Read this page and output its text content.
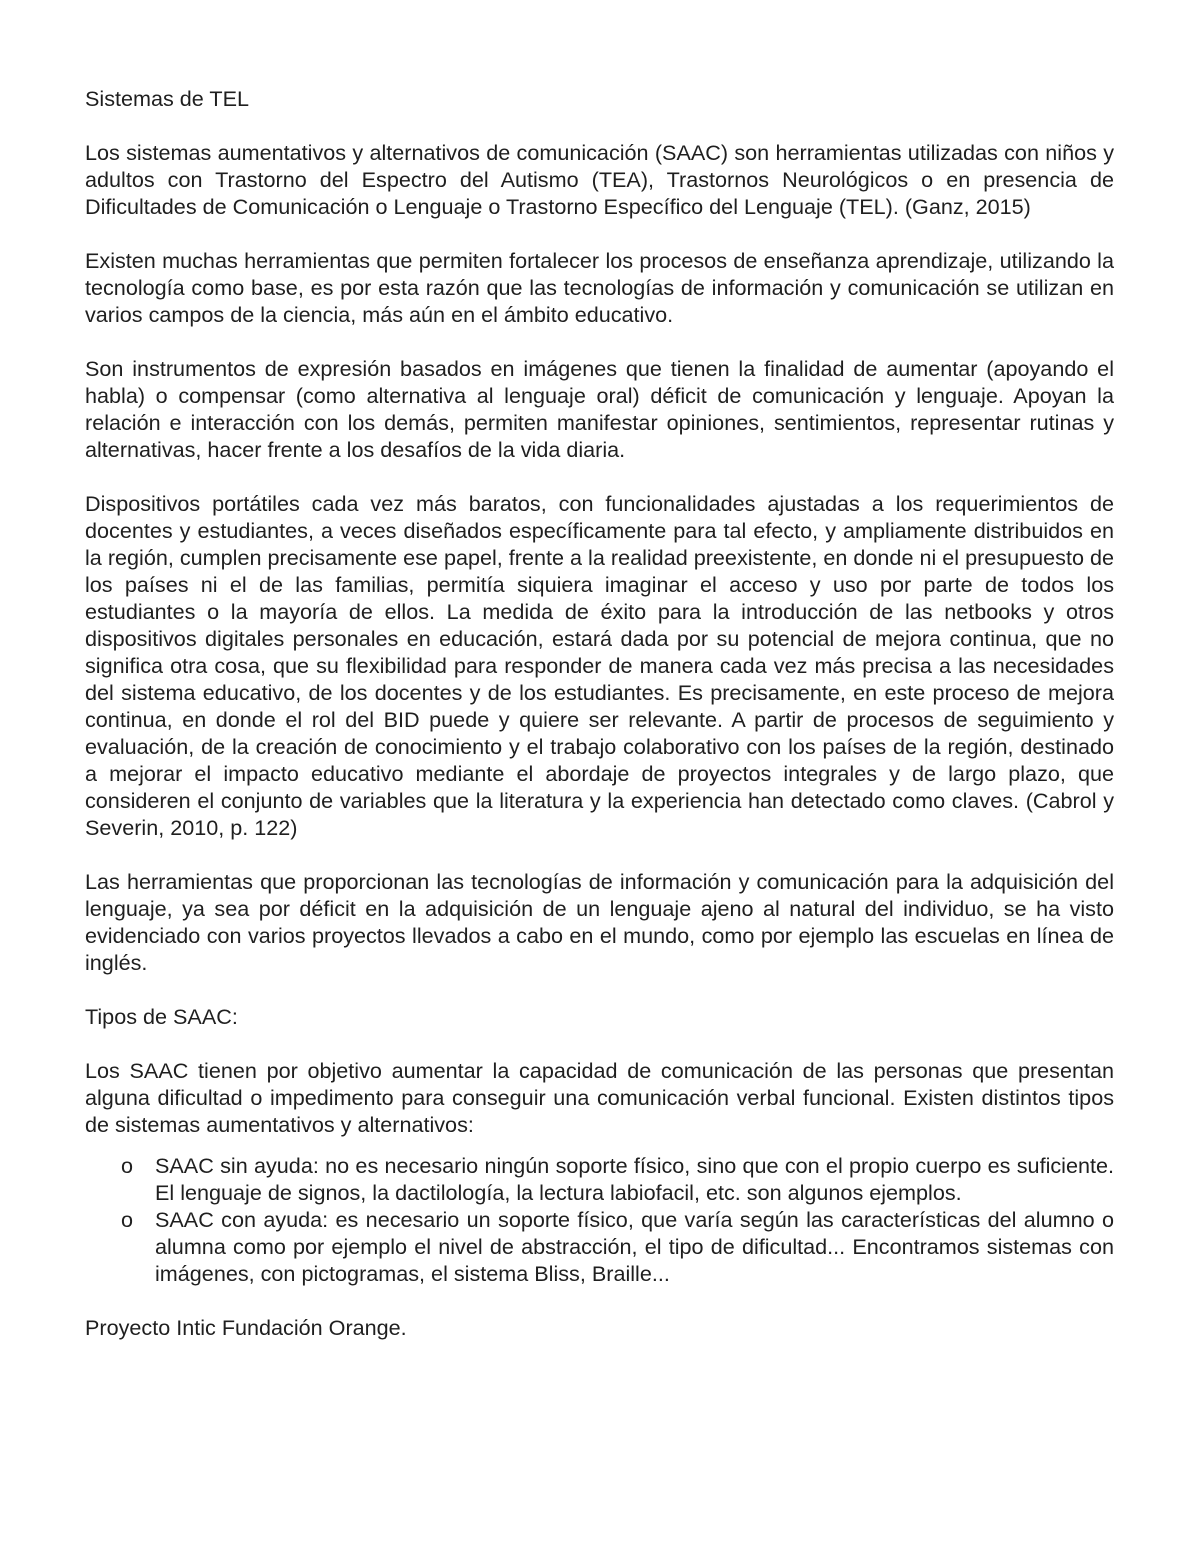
Sistemas de TEL

Los sistemas aumentativos y alternativos de comunicación (SAAC) son herramientas utilizadas con niños y adultos con Trastorno del Espectro del Autismo (TEA), Trastornos Neurológicos o en presencia de Dificultades de Comunicación o Lenguaje o Trastorno Específico del Lenguaje (TEL). (Ganz, 2015)

Existen muchas herramientas que permiten fortalecer los procesos de enseñanza aprendizaje, utilizando la tecnología como base, es por esta razón que las tecnologías de información y comunicación se utilizan en varios campos de la ciencia, más aún en el ámbito educativo.

Son instrumentos de expresión basados en imágenes que tienen la finalidad de aumentar (apoyando el habla) o compensar (como alternativa al lenguaje oral) déficit de comunicación y lenguaje. Apoyan la relación e interacción con los demás, permiten manifestar opiniones, sentimientos, representar rutinas y alternativas, hacer frente a los desafíos de la vida diaria.

Dispositivos portátiles cada vez más baratos, con funcionalidades ajustadas a los requerimientos de docentes y estudiantes, a veces diseñados específicamente para tal efecto, y ampliamente distribuidos en la región, cumplen precisamente ese papel, frente a la realidad preexistente, en donde ni el presupuesto de los países ni el de las familias, permitía siquiera imaginar el acceso y uso por parte de todos los estudiantes o la mayoría de ellos. La medida de éxito para la introducción de las netbooks y otros dispositivos digitales personales en educación, estará dada por su potencial de mejora continua, que no significa otra cosa, que su flexibilidad para responder de manera cada vez más precisa a las necesidades del sistema educativo, de los docentes y de los estudiantes. Es precisamente, en este proceso de mejora continua, en donde el rol del BID puede y quiere ser relevante. A partir de procesos de seguimiento y evaluación, de la creación de conocimiento y el trabajo colaborativo con los países de la región, destinado a mejorar el impacto educativo mediante el abordaje de proyectos integrales y de largo plazo, que consideren el conjunto de variables que la literatura y la experiencia han detectado como claves. (Cabrol y Severin, 2010, p. 122)

Las herramientas que proporcionan las tecnologías de información y comunicación para la adquisición del lenguaje, ya sea por déficit en la adquisición de un lenguaje ajeno al natural del individuo, se ha visto evidenciado con varios proyectos llevados a cabo en el mundo, como por ejemplo las escuelas en línea de inglés.

Tipos de SAAC:

Los SAAC tienen por objetivo aumentar la capacidad de comunicación de las personas que presentan alguna dificultad o impedimento para conseguir una comunicación verbal funcional. Existen distintos tipos de sistemas aumentativos y alternativos:

o SAAC sin ayuda: no es necesario ningún soporte físico, sino que con el propio cuerpo es suficiente. El lenguaje de signos, la dactilología, la lectura labiofacil, etc. son algunos ejemplos.
o SAAC con ayuda: es necesario un soporte físico, que varía según las características del alumno o alumna como por ejemplo el nivel de abstracción, el tipo de dificultad... Encontramos sistemas con imágenes, con pictogramas, el sistema Bliss, Braille...

Proyecto Intic Fundación Orange.
